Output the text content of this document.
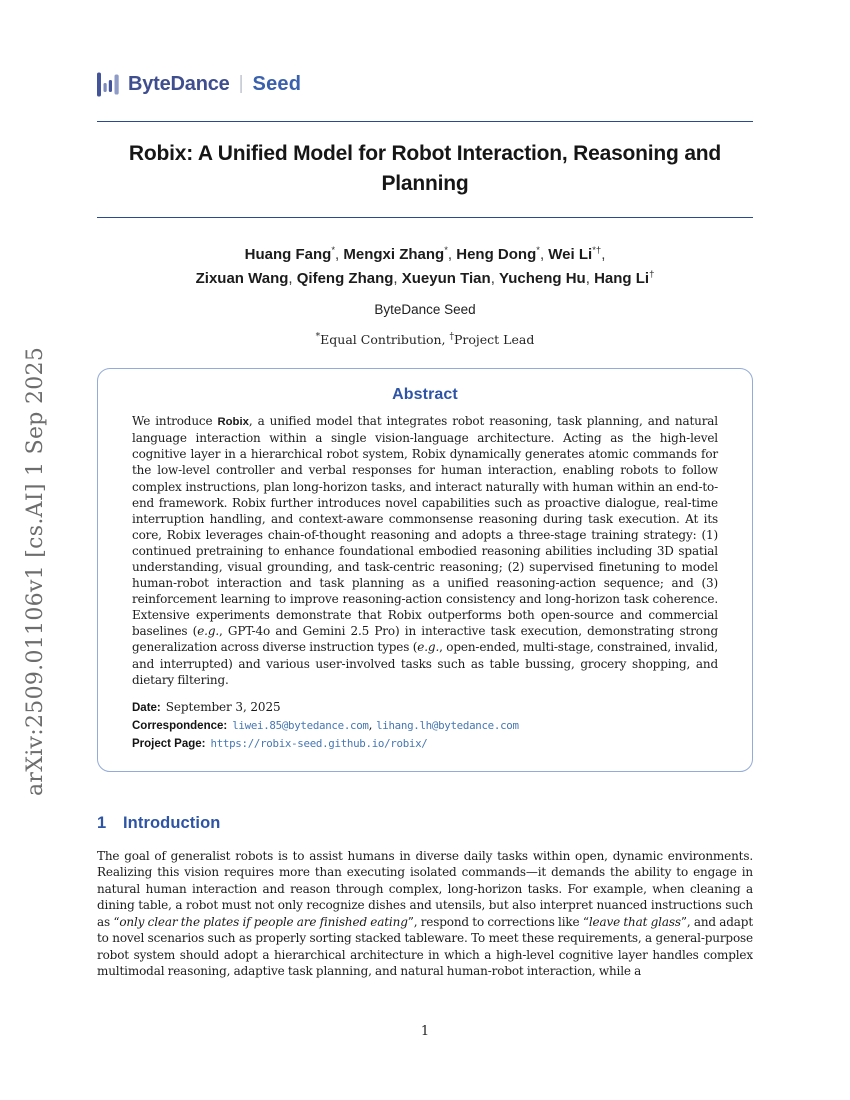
arXiv:2509.01106v1 [cs.AI] 1 Sep 2025
ByteDance | Seed
Robix: A Unified Model for Robot Interaction, Reasoning and Planning
Huang Fang*, Mengxi Zhang*, Heng Dong*, Wei Li*†,
Zixuan Wang, Qifeng Zhang, Xueyun Tian, Yucheng Hu, Hang Li†
ByteDance Seed
*Equal Contribution, †Project Lead
Abstract
We introduce Robix, a unified model that integrates robot reasoning, task planning, and natural language interaction within a single vision-language architecture. Acting as the high-level cognitive layer in a hierarchical robot system, Robix dynamically generates atomic commands for the low-level controller and verbal responses for human interaction, enabling robots to follow complex instructions, plan long-horizon tasks, and interact naturally with human within an end-to-end framework. Robix further introduces novel capabilities such as proactive dialogue, real-time interruption handling, and context-aware commonsense reasoning during task execution. At its core, Robix leverages chain-of-thought reasoning and adopts a three-stage training strategy: (1) continued pretraining to enhance foundational embodied reasoning abilities including 3D spatial understanding, visual grounding, and task-centric reasoning; (2) supervised finetuning to model human-robot interaction and task planning as a unified reasoning-action sequence; and (3) reinforcement learning to improve reasoning-action consistency and long-horizon task coherence. Extensive experiments demonstrate that Robix outperforms both open-source and commercial baselines (e.g., GPT-4o and Gemini 2.5 Pro) in interactive task execution, demonstrating strong generalization across diverse instruction types (e.g., open-ended, multi-stage, constrained, invalid, and interrupted) and various user-involved tasks such as table bussing, grocery shopping, and dietary filtering.
Date: September 3, 2025
Correspondence: liwei.85@bytedance.com, lihang.lh@bytedance.com
Project Page: https://robix-seed.github.io/robix/
1	Introduction
The goal of generalist robots is to assist humans in diverse daily tasks within open, dynamic environments. Realizing this vision requires more than executing isolated commands—it demands the ability to engage in natural human interaction and reason through complex, long-horizon tasks. For example, when cleaning a dining table, a robot must not only recognize dishes and utensils, but also interpret nuanced instructions such as “only clear the plates if people are finished eating”, respond to corrections like “leave that glass”, and adapt to novel scenarios such as properly sorting stacked tableware. To meet these requirements, a general-purpose robot system should adopt a hierarchical architecture in which a high-level cognitive layer handles complex multimodal reasoning, adaptive task planning, and natural human-robot interaction, while a
1
